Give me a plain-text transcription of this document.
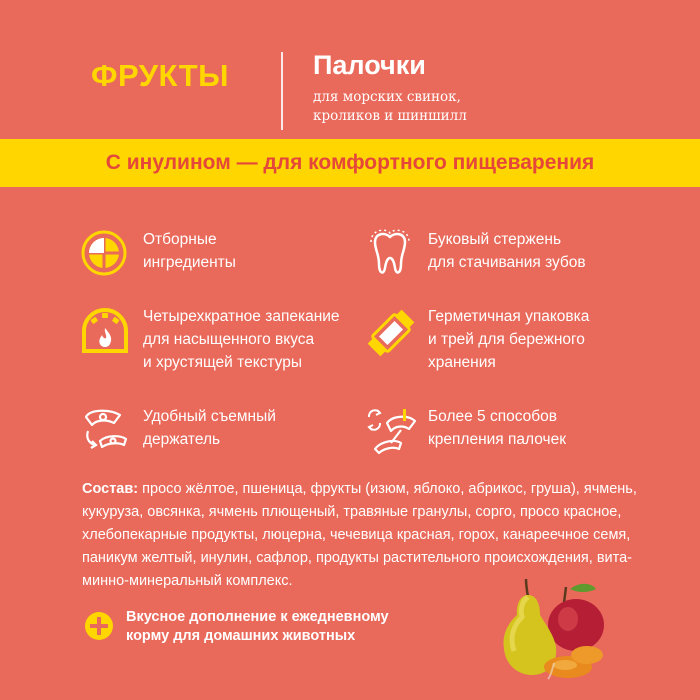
ФРУКТЫ	Палочки
для морских свинок,
кроликов и шиншилл
С инулином — для комфортного пищеварения
Отборные
ингредиенты
Буковый стержень
для стачивания зубов
Четырехкратное запекание
для насыщенного вкуса
и хрустящей текстуры
Герметичная упаковка
и трей для бережного
хранения
Удобный съемный
держатель
Более 5 способов
крепления палочек
Состав: просо жёлтое, пшеница, фрукты (изюм, яблоко, абрикос, груша), ячмень,
кукуруза, овсянка, ячмень плющеный, травяные гранулы, сорго, просо красное,
хлебопекарные продукты, люцерна, чечевица красная, горох, канареечное семя,
паникум желтый, инулин, сафлор, продукты растительного происхождения, вита-
минно-минеральный комплекс.
Вкусное дополнение к ежедневному
корму для домашних животных
